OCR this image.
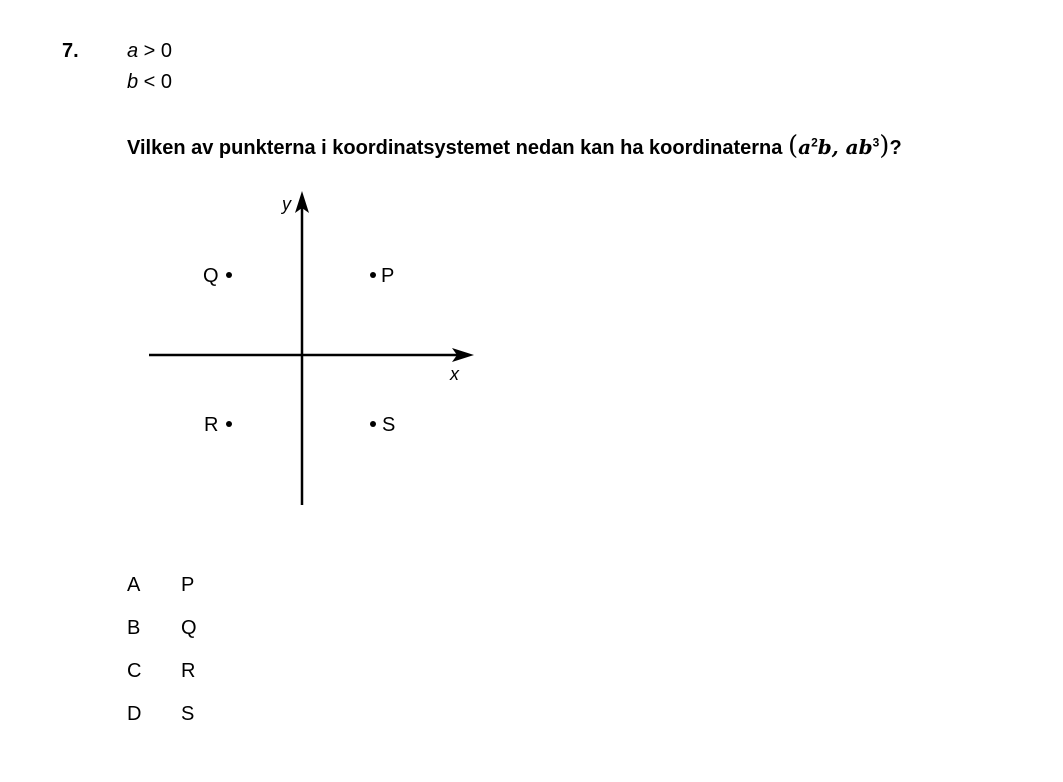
7. a > 0
b < 0
Vilken av punkterna i koordinatsystemet nedan kan ha koordinaterna ($a^2b$, $ab^3$)?
x
y
Q	P
R	S
A	P
B	Q
C	R
D	S
